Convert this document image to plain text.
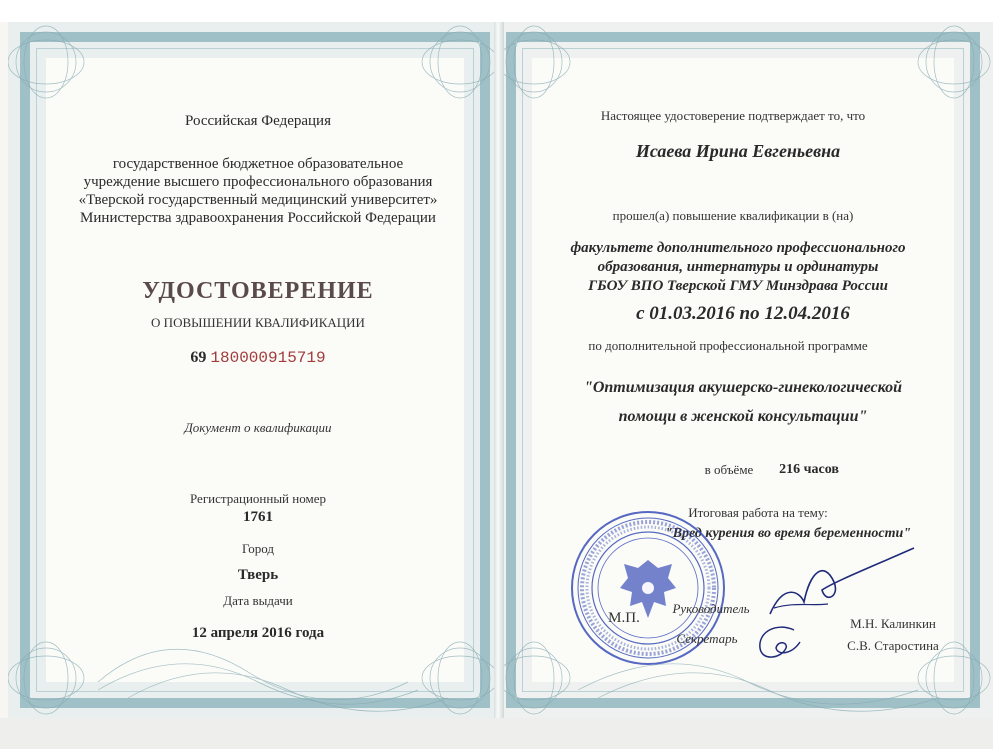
Российская Федерация
государственное бюджетное образовательное
учреждение высшего профессионального образования
«Тверской государственный медицинский университет»
Министерства здравоохранения Российской Федерации
УДОСТОВЕРЕНИЕ
О ПОВЫШЕНИИ КВАЛИФИКАЦИИ
69 180000915719
Документ о квалификации
Регистрационный номер
1761
Город
Тверь
Дата выдачи
12 апреля 2016 года
Настоящее удостоверение подтверждает то, что
Исаева Ирина Евгеньевна
прошел(а) повышение квалификации в (на)
факультете дополнительного профессионального
образования, интернатуры и ординатуры
ГБОУ ВПО Тверской ГМУ Минздрава России
с 01.03.2016 по 12.04.2016
по дополнительной профессиональной программе
"Оптимизация акушерско-гинекологической
помощи в женской консультации"
в объёме	216 часов
Итоговая работа на тему:
"Вред курения во время беременности"
М.П.
Руководитель
Секретарь
М.Н. Калинкин
С.В. Старостина
